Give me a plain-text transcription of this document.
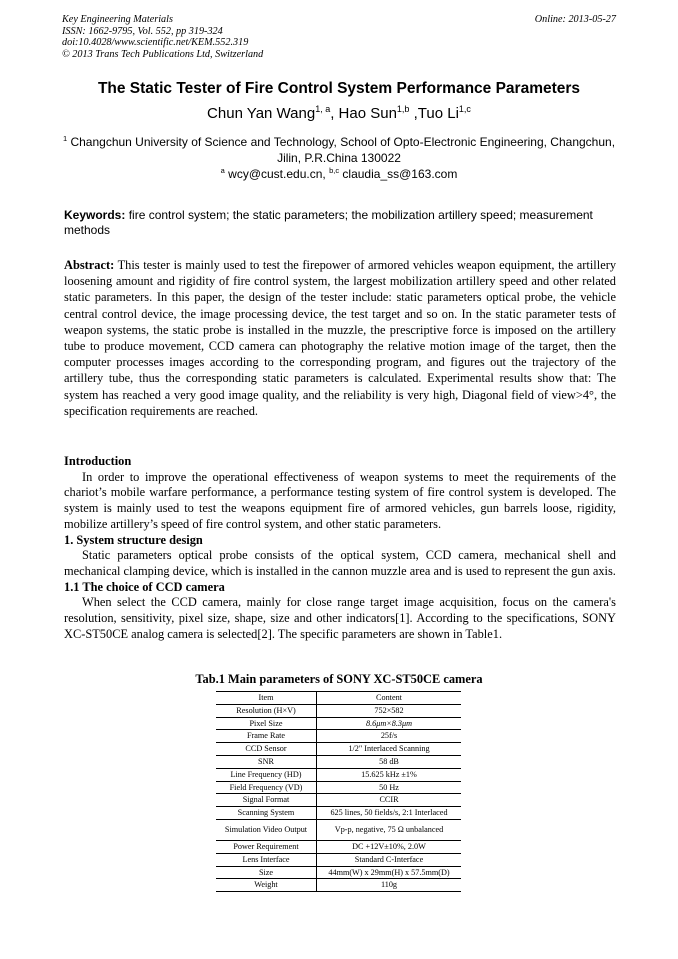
Key Engineering Materials
ISSN: 1662-9795, Vol. 552, pp 319-324
doi:10.4028/www.scientific.net/KEM.552.319
© 2013 Trans Tech Publications Ltd, Switzerland
Online: 2013-05-27
The Static Tester of Fire Control System Performance Parameters
Chun Yan Wang$^{1, a}$, Hao Sun$^{1,b}$ ,Tuo Li$^{1,c}$
$^1$ Changchun University of Science and Technology, School of Opto-Electronic Engineering, Changchun, Jilin, P.R.China 130022
$^a$ wcy@cust.edu.cn, $^{b,c}$ claudia_ss@163.com
Keywords: fire control system; the static parameters; the mobilization artillery speed; measurement methods
Abstract: This tester is mainly used to test the firepower of armored vehicles weapon equipment, the artillery loosening amount and rigidity of fire control system, the largest mobilization artillery speed and other related static parameters. In this paper, the design of the tester include: static parameters optical probe, the vehicle central control device, the image processing device, the test target and so on. In the static parameter tests of weapon systems, the static probe is installed in the muzzle, the prescriptive force is imposed on the artillery tube to produce movement, CCD camera can photography the relative motion image of the target, then the computer processes images according to the corresponding program, and figures out the trajectory of the artillery tube, thus the corresponding static parameters is calculated. Experimental results show that: The system has reached a very good image quality, and the reliability is very high, Diagonal field of view>4°, the specification requirements are reached.
Introduction

In order to improve the operational effectiveness of weapon systems to meet the requirements of the chariot’s mobile warfare performance, a performance testing system of fire control system is developed. The system is mainly used to test the weapons equipment fire of armored vehicles, gun barrels loose, rigidity, mobilize artillery’s speed of fire control system, and other static parameters.

1. System structure design

Static parameters optical probe consists of the optical system, CCD camera, mechanical shell and mechanical clamping device, which is installed in the cannon muzzle area and is used to represent the gun axis.

1.1 The choice of CCD camera

When select the CCD camera, mainly for close range target image acquisition, focus on the camera's resolution, sensitivity, pixel size, shape, size and other indicators[1]. According to the specifications, SONY XC-ST50CE analog camera is selected[2]. The specific parameters are shown in Table1.

Tab.1 Main parameters of SONY XC-ST50CE camera
Item	Content
Resolution (H×V)	752×582
Pixel Size	8.6μm×8.3μm
Frame Rate	25f/s
CCD Sensor	1/2" Interlaced Scanning
SNR	58 dB
Line Frequency (HD)	15.625 kHz ±1%
Field Frequency (VD)	50 Hz
Signal Format	CCIR
Scanning System	625 lines, 50 fields/s, 2:1 Interlaced
Simulation Video Output	Vp-p, negative, 75 Ω unbalanced
Power Requirement	DC +12V±10%, 2.0W
Lens Interface	Standard C-Interface
Size	44mm(W) x 29mm(H) x 57.5mm(D)
Weight	110g
